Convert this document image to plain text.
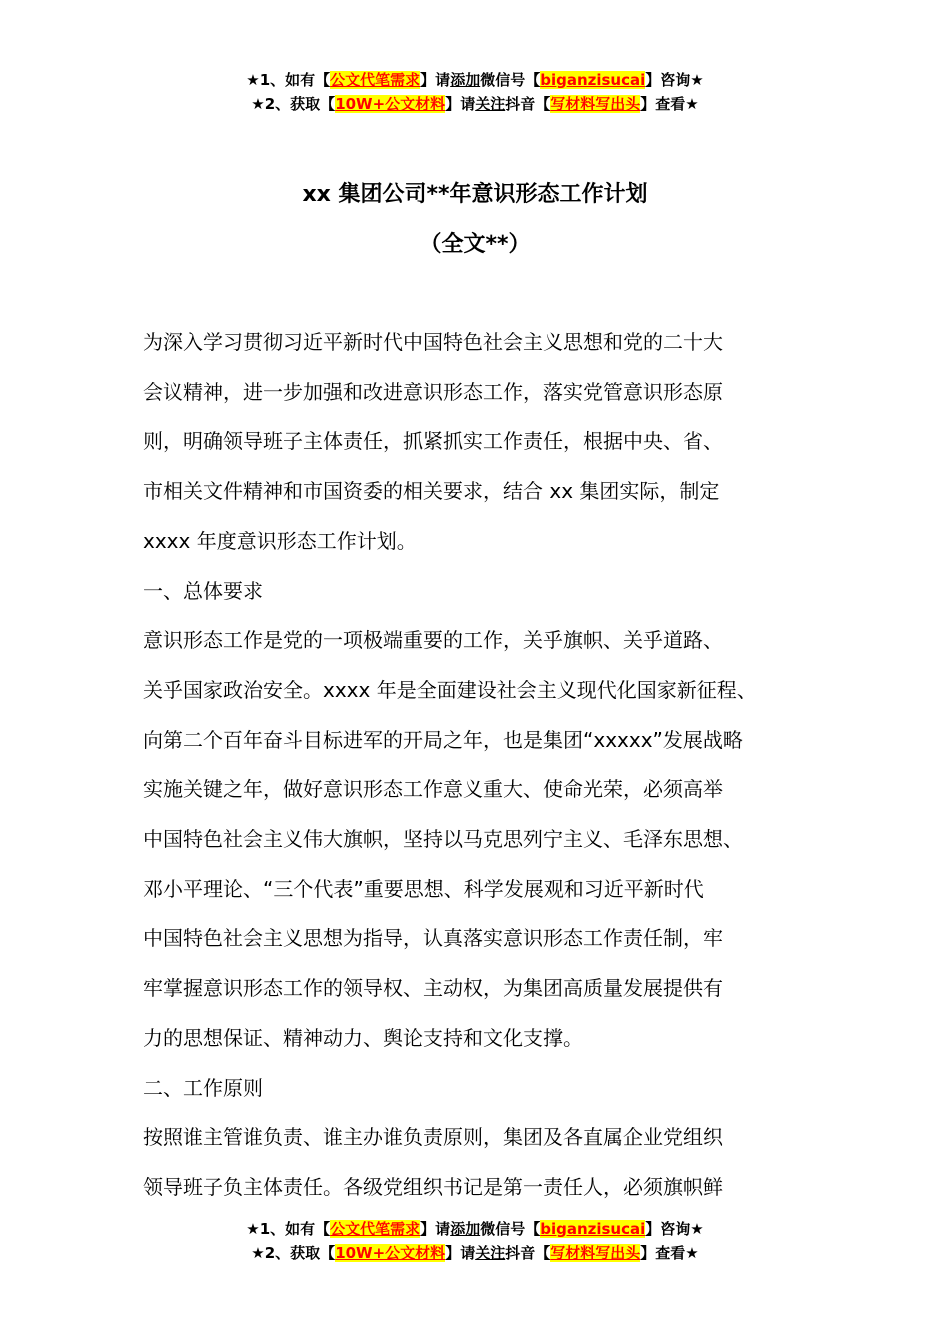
★1、如有【公文代笔需求】请添加微信号【biganzisucai】咨询★
★2、获取【10W+公文材料】请关注抖音【写材料写出头】查看★
xx 集团公司**年意识形态工作计划
（全文**）

为深入学习贯彻习近平新时代中国特色社会主义思想和党的二十大

会议精神，进一步加强和改进意识形态工作，落实党管意识形态原

则，明确领导班子主体责任，抓紧抓实工作责任，根据中央、省、

市相关文件精神和市国资委的相关要求，结合 xx 集团实际，制定

xxxx 年度意识形态工作计划。

一、总体要求

意识形态工作是党的一项极端重要的工作，关乎旗帜、关乎道路、

关乎国家政治安全。xxxx 年是全面建设社会主义现代化国家新征程、

向第二个百年奋斗目标进军的开局之年，也是集团“xxxxx”发展战略

实施关键之年，做好意识形态工作意义重大、使命光荣，必须高举

中国特色社会主义伟大旗帜，坚持以马克思列宁主义、毛泽东思想、

邓小平理论、“三个代表”重要思想、科学发展观和习近平新时代

中国特色社会主义思想为指导，认真落实意识形态工作责任制，牢

牢掌握意识形态工作的领导权、主动权，为集团高质量发展提供有

力的思想保证、精神动力、舆论支持和文化支撑。

二、工作原则

按照谁主管谁负责、谁主办谁负责原则，集团及各直属企业党组织

领导班子负主体责任。各级党组织书记是第一责任人，必须旗帜鲜

★1、如有【公文代笔需求】请添加微信号【biganzisucai】咨询★
★2、获取【10W+公文材料】请关注抖音【写材料写出头】查看★
